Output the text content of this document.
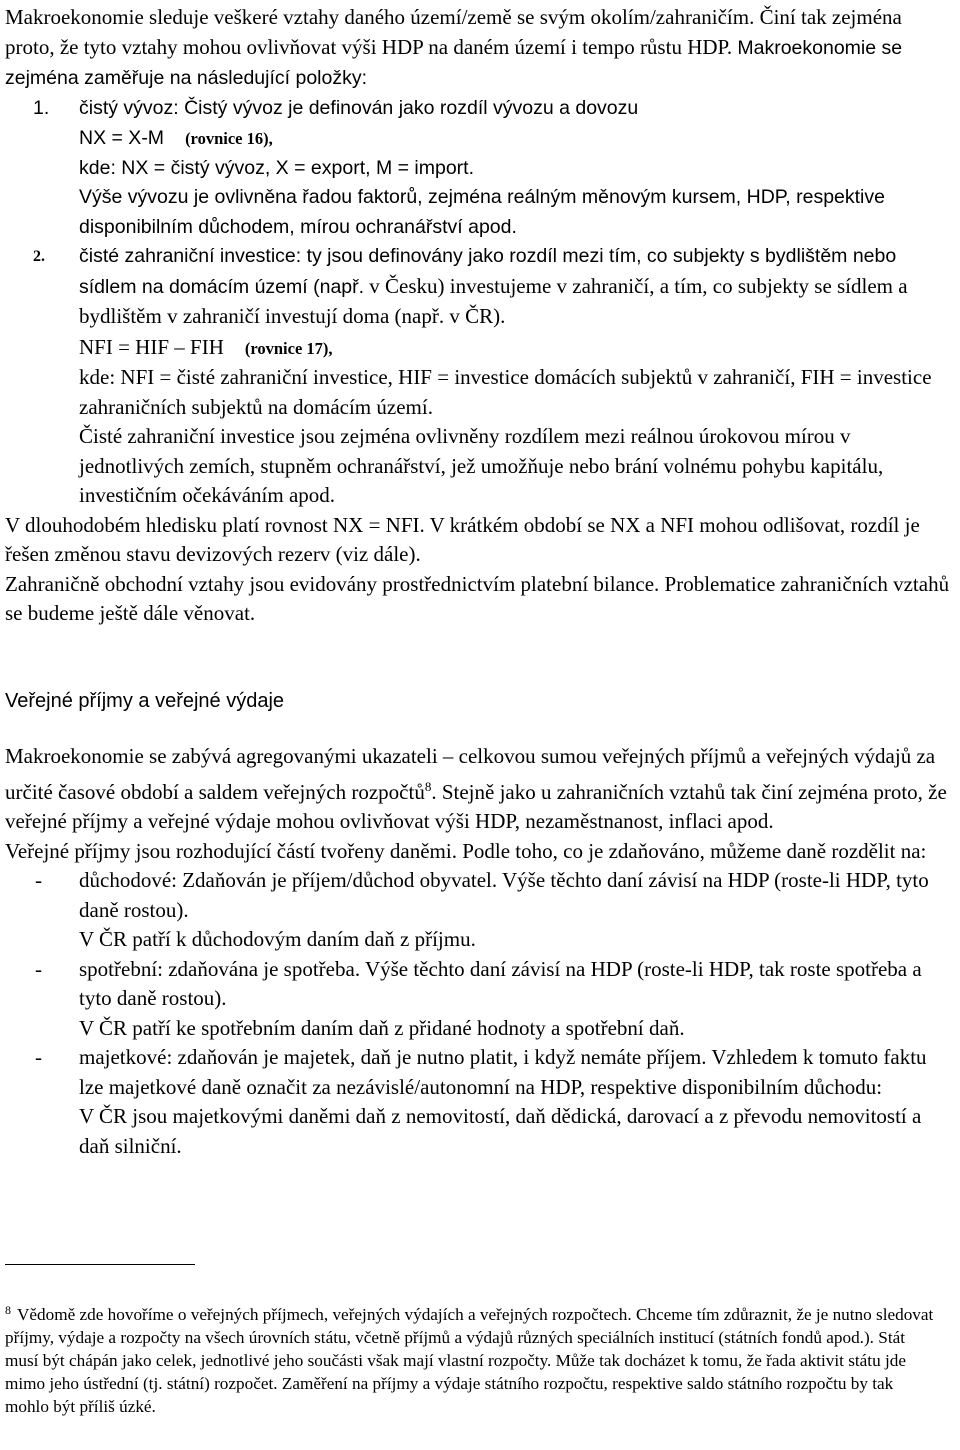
Makroekonomie sleduje veškeré vztahy daného území/země se svým okolím/zahraničím. Činí tak zejména proto, že tyto vztahy mohou ovlivňovat výši HDP na daném území i tempo růstu HDP. Makroekonomie se zejména zaměřuje na následující položky:

1.	čistý vývoz: Čistý vývoz je definován jako rozdíl vývozu a dovozu

NX = X-M (rovnice 16),

kde: NX = čistý vývoz, X = export, M = import.

Výše vývozu je ovlivněna řadou faktorů, zejména reálným měnovým kursem, HDP, respektive disponibilním důchodem, mírou ochranářství apod.

2.	čisté zahraniční investice: ty jsou definovány jako rozdíl mezi tím, co subjekty s bydlištěm nebo sídlem na domácím území (např. v Česku) investujeme v zahraničí, a tím, co subjekty se sídlem a bydlištěm v zahraničí investují doma (např. v ČR).

NFI = HIF – FIH (rovnice 17),

kde: NFI = čisté zahraniční investice, HIF = investice domácích subjektů v zahraničí, FIH = investice zahraničních subjektů na domácím území.

Čisté zahraniční investice jsou zejména ovlivněny rozdílem mezi reálnou úrokovou mírou v jednotlivých zemích, stupněm ochranářství, jež umožňuje nebo brání volnému pohybu kapitálu, investičním očekáváním apod.

V dlouhodobém hledisku platí rovnost NX = NFI. V krátkém období se NX a NFI mohou odlišovat, rozdíl je řešen změnou stavu devizových rezerv (viz dále).

Zahraničně obchodní vztahy jsou evidovány prostřednictvím platební bilance. Problematice zahraničních vztahů se budeme ještě dále věnovat.

Veřejné příjmy a veřejné výdaje

Makroekonomie se zabývá agregovanými ukazateli – celkovou sumou veřejných příjmů a veřejných výdajů za určité časové období a saldem veřejných rozpočtů$^8$. Stejně jako u zahraničních vztahů tak činí zejména proto, že veřejné příjmy a veřejné výdaje mohou ovlivňovat výši HDP, nezaměstnanost, inflaci apod.

Veřejné příjmy jsou rozhodující částí tvořeny daněmi. Podle toho, co je zdaňováno, můžeme daně rozdělit na:

-	důchodové: Zdaňován je příjem/důchod obyvatel. Výše těchto daní závisí na HDP (roste-li HDP, tyto daně rostou).

V ČR patří k důchodovým daním daň z příjmu.

-	spotřební: zdaňována je spotřeba. Výše těchto daní závisí na HDP (roste-li HDP, tak roste spotřeba a tyto daně rostou).

V ČR patří ke spotřebním daním daň z přidané hodnoty a spotřební daň.

-	majetkové: zdaňován je majetek, daň je nutno platit, i když nemáte příjem. Vzhledem k tomuto faktu lze majetkové daně označit za nezávislé/autonomní na HDP, respektive disponibilním důchodu:

V ČR jsou majetkovými daněmi daň z nemovitostí, daň dědická, darovací a z převodu nemovitostí a daň silniční.

$^8$ Vědomě zde hovoříme o veřejných příjmech, veřejných výdajích a veřejných rozpočtech. Chceme tím zdůraznit, že je nutno sledovat příjmy, výdaje a rozpočty na všech úrovních státu, včetně příjmů a výdajů různých speciálních institucí (státních fondů apod.). Stát musí být chápán jako celek, jednotlivé jeho součásti však mají vlastní rozpočty. Může tak docházet k tomu, že řada aktivit státu jde mimo jeho ústřední (tj. státní) rozpočet. Zaměření na příjmy a výdaje státního rozpočtu, respektive saldo státního rozpočtu by tak mohlo být příliš úzké.
